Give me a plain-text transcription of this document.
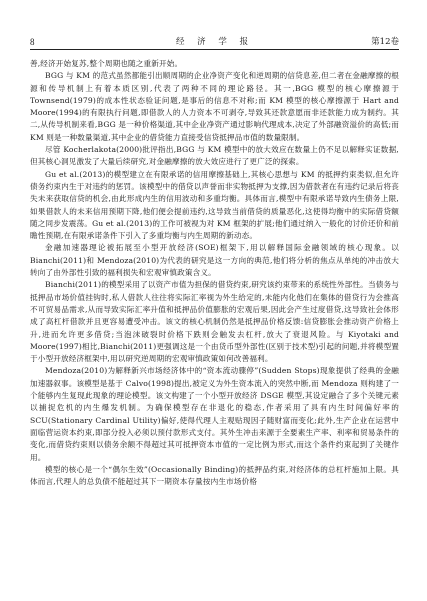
8	经 济 学 报	第12卷

善,经济开始复苏,整个周期也随之重新开始。

BGG 与 KM 的范式虽然都能引出顺周期的企业净资产变化和逆周期的信贷息差,但二者在金融摩擦的根源和传导机制上有着本质区别,代表了两种不同的理论路径。其一,BGG 模型的核心摩擦源于 Townsend(1979)的成本性状态验证问题,是事后的信息不对称;而 KM 模型的核心摩擦源于 Hart and Moore(1994)的有限执行问题,即借款人的人力资本不可剥夺,导致其还款意愿而非还款能力成为制约。其二,从传导机制来看,BGG 是一种价格渠道,其中企业净资产通过影响代理成本,决定了外部融资溢价的高低;而 KM 则是一种数量渠道,其中企业的借贷能力直接受信贷抵押品市值的数量限制。

尽管 Kocherlakota(2000)批评指出,BGG 与 KM 模型中的放大效应在数量上仍不足以解释实证数据,但其核心洞见激发了大量后续研究,对金融摩擦的放大效应进行了更广泛的探索。

Gu et al.(2013)的模型建立在有限承诺的信用摩擦基础上,其核心思想与 KM 的抵押约束类似,但允许债务约束内生于对违约的惩罚。该模型中的借贷以声誉而非实物抵押为支撑,因为借款者在有违约记录后将丧失未来获取信贷的机会,由此形成内生的信用波动和多重均衡。具体而言,模型中有限承诺导致内生债务上限,如果借款人的未来信用预期下降,他们便会提前违约,这导致当前借贷的质量恶化,这使得均衡中的实际借贷额随之同步发震荡。Gu et al.(2013)的工作可被视为对 KM 框架的扩展;他们通过纳入一般化的讨价还价和前瞻性预期,在有限承诺条件下引入了多重均衡与内生周期的新动态。

金融加速器理论被拓展至小型开放经济(SOE)框架下,用以解释国际金融领域的核心现象。以 Bianchi(2011)和 Mendoza(2010)为代表的研究是这一方向的典范,他们将分析的焦点从单纯的冲击放大转向了由外部性引致的福利损失和宏观审慎政策含义。

Bianchi(2011)的模型采用了以资产市值为担保的借贷约束,研究该约束带来的系统性外部性。当债务与抵押品市场价值挂钩时,私人借款人往往将实际汇率视为外生给定的,未能内化他们在集体的借贷行为会推高不可贸易品需求,从而导致实际汇率升值和抵押品价值膨胀的宏观后果,因此会产生过度借贷,这导致社会体形成了高杠杆借款并且更容易遭受冲击。该文的核心机制仍然是抵押品价格反馈:信贷膨胀会推动资产价格上升,进而允许更多借贷;当泡沫破裂时价格下跌则会触发去杠杆,放大了衰退风险。与 Kiyotaki and Moore(1997)相比,Bianchi(2011)更强调这是一个由货币型外部性(区别于技术型)引起的问题,并将模型置于小型开放经济框架中,用以研究逆周期的宏观审慎政策如何改善福利。

Mendoza(2010)为解释新兴市场经济体中的“资本流动骤停”(Sudden Stops)现象提供了经典的金融加速器叙事。该模型是基于 Calvo(1998)提出,被定义为外生资本流入的突然中断,而 Mendoza 则构建了一个能够内生复现此现象的理论模型。该文构建了一个小型开放经济 DSGE 模型,其设定融合了多个关键元素以捕捉危机的内生爆发机制。为确保模型存在非退化的稳态,作者采用了具有内生时间偏好率的 SCU(Stationary Cardinal Utility)偏好,使得代理人主观贴现因子随财富而变化;此外,生产企业在运营中面临营运资本约束,即部分投入必须以预付款形式支付。其外生冲击来源于全要素生产率、利率和贸易条件的变化,而借贷约束则以债务余额不得超过其可抵押资本市值的一定比例为形式,而这个条件约束起到了关键作用。

模型的核心是一个“偶尔生效”(Occasionally Binding)的抵押品约束,对经济体的总杠杆施加上限。具体而言,代理人的总负债不能超过其下一期资本存量按内生市场价格
